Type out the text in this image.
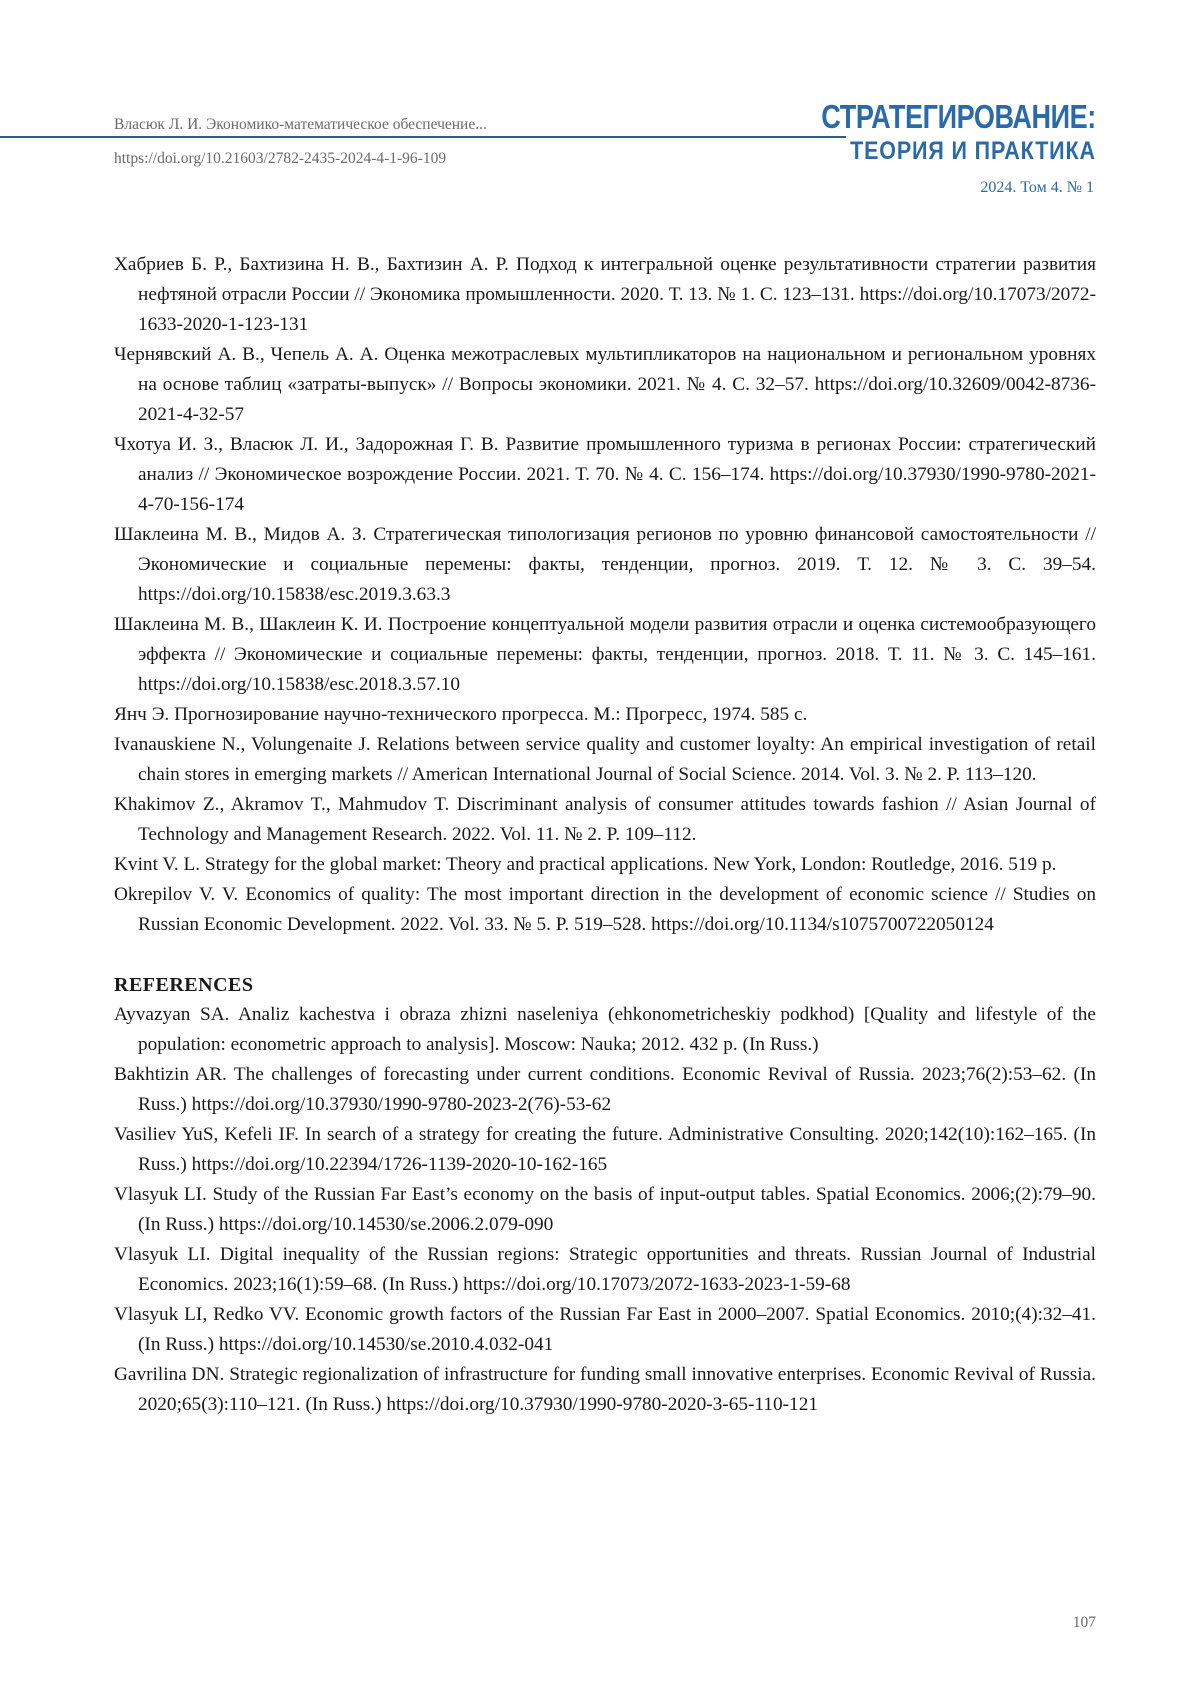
Власюк Л. И. Экономико-математическое обеспечение...
https://doi.org/10.21603/2782-2435-2024-4-1-96-109
СТРАТЕГИРОВАНИЕ:
ТЕОРИЯ И ПРАКТИКА
2024. Том 4. № 1

Хабриев Б. Р., Бахтизина Н. В., Бахтизин А. Р. Подход к интегральной оценке результативности стратегии развития нефтяной отрасли России // Экономика промышленности. 2020. Т. 13. № 1. С. 123–131. https://doi.org/10.17073/2072-1633-2020-1-123-131

Чернявский А. В., Чепель А. А. Оценка межотраслевых мультипликаторов на национальном и региональном уровнях на основе таблиц «затраты-выпуск» // Вопросы экономики. 2021. № 4. С. 32–57. https://doi.org/10.32609/0042-8736-2021-4-32-57

Чхотуа И. З., Власюк Л. И., Задорожная Г. В. Развитие промышленного туризма в регионах России: стратегический анализ // Экономическое возрождение России. 2021. Т. 70. № 4. С. 156–174. https://doi.org/10.37930/1990-9780-2021-4-70-156-174

Шаклеина М. В., Мидов А. З. Стратегическая типологизация регионов по уровню финансовой самостоятельности // Экономические и социальные перемены: факты, тенденции, прогноз. 2019. Т. 12. № 3. С. 39–54. https://doi.org/10.15838/esc.2019.3.63.3

Шаклеина М. В., Шаклеин К. И. Построение концептуальной модели развития отрасли и оценка системообразующего эффекта // Экономические и социальные перемены: факты, тенденции, прогноз. 2018. Т. 11. № 3. С. 145–161. https://doi.org/10.15838/esc.2018.3.57.10

Янч Э. Прогнозирование научно-технического прогресса. М.: Прогресс, 1974. 585 с.

Ivanauskiene N., Volungenaite J. Relations between service quality and customer loyalty: An empirical investigation of retail chain stores in emerging markets // American International Journal of Social Science. 2014. Vol. 3. № 2. P. 113–120.

Khakimov Z., Akramov T., Mahmudov T. Discriminant analysis of consumer attitudes towards fashion // Asian Journal of Technology and Management Research. 2022. Vol. 11. № 2. P. 109–112.

Kvint V. L. Strategy for the global market: Theory and practical applications. New York, London: Routledge, 2016. 519 p.

Okrepilov V. V. Economics of quality: The most important direction in the development of economic science // Studies on Russian Economic Development. 2022. Vol. 33. № 5. P. 519–528. https://doi.org/10.1134/s1075700722050124

REFERENCES

Ayvazyan SA. Analiz kachestva i obraza zhizni naseleniya (ehkonometricheskiy podkhod) [Quality and lifestyle of the population: econometric approach to analysis]. Moscow: Nauka; 2012. 432 p. (In Russ.)

Bakhtizin AR. The challenges of forecasting under current conditions. Economic Revival of Russia. 2023;76(2):53–62. (In Russ.) https://doi.org/10.37930/1990-9780-2023-2(76)-53-62

Vasiliev YuS, Kefeli IF. In search of a strategy for creating the future. Administrative Consulting. 2020;142(10):162–165. (In Russ.) https://doi.org/10.22394/1726-1139-2020-10-162-165

Vlasyuk LI. Study of the Russian Far East’s economy on the basis of input-output tables. Spatial Economics. 2006;(2):79–90. (In Russ.) https://doi.org/10.14530/se.2006.2.079-090

Vlasyuk LI. Digital inequality of the Russian regions: Strategic opportunities and threats. Russian Journal of Industrial Economics. 2023;16(1):59–68. (In Russ.) https://doi.org/10.17073/2072-1633-2023-1-59-68

Vlasyuk LI, Redko VV. Economic growth factors of the Russian Far East in 2000–2007. Spatial Economics. 2010;(4):32–41. (In Russ.) https://doi.org/10.14530/se.2010.4.032-041

Gavrilina DN. Strategic regionalization of infrastructure for funding small innovative enterprises. Economic Revival of Russia. 2020;65(3):110–121. (In Russ.) https://doi.org/10.37930/1990-9780-2020-3-65-110-121

107
